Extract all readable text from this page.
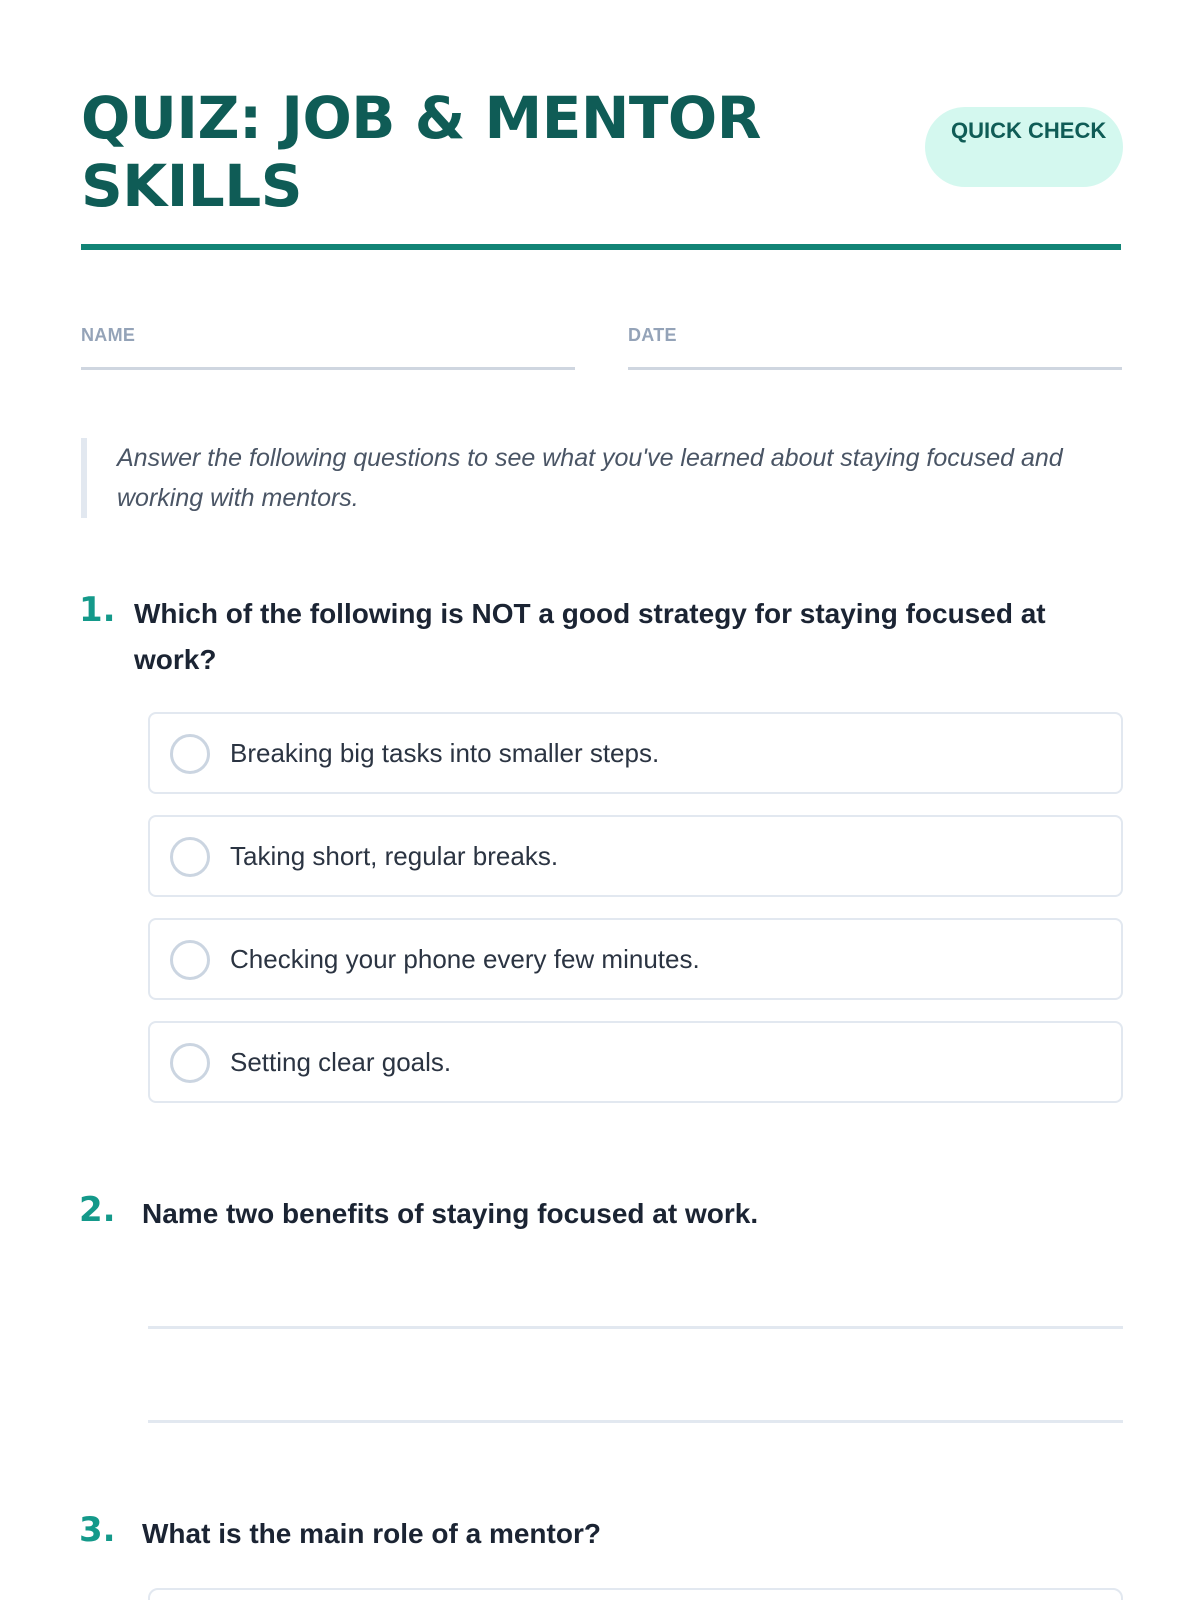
QUIZ: JOB & MENTOR SKILLS
QUICK CHECK
NAME	DATE
Answer the following questions to see what you've learned about staying focused and working with mentors.
1. Which of the following is NOT a good strategy for staying focused at work?
Breaking big tasks into smaller steps.
Taking short, regular breaks.
Checking your phone every few minutes.
Setting clear goals.
2. Name two benefits of staying focused at work.
3. What is the main role of a mentor?
